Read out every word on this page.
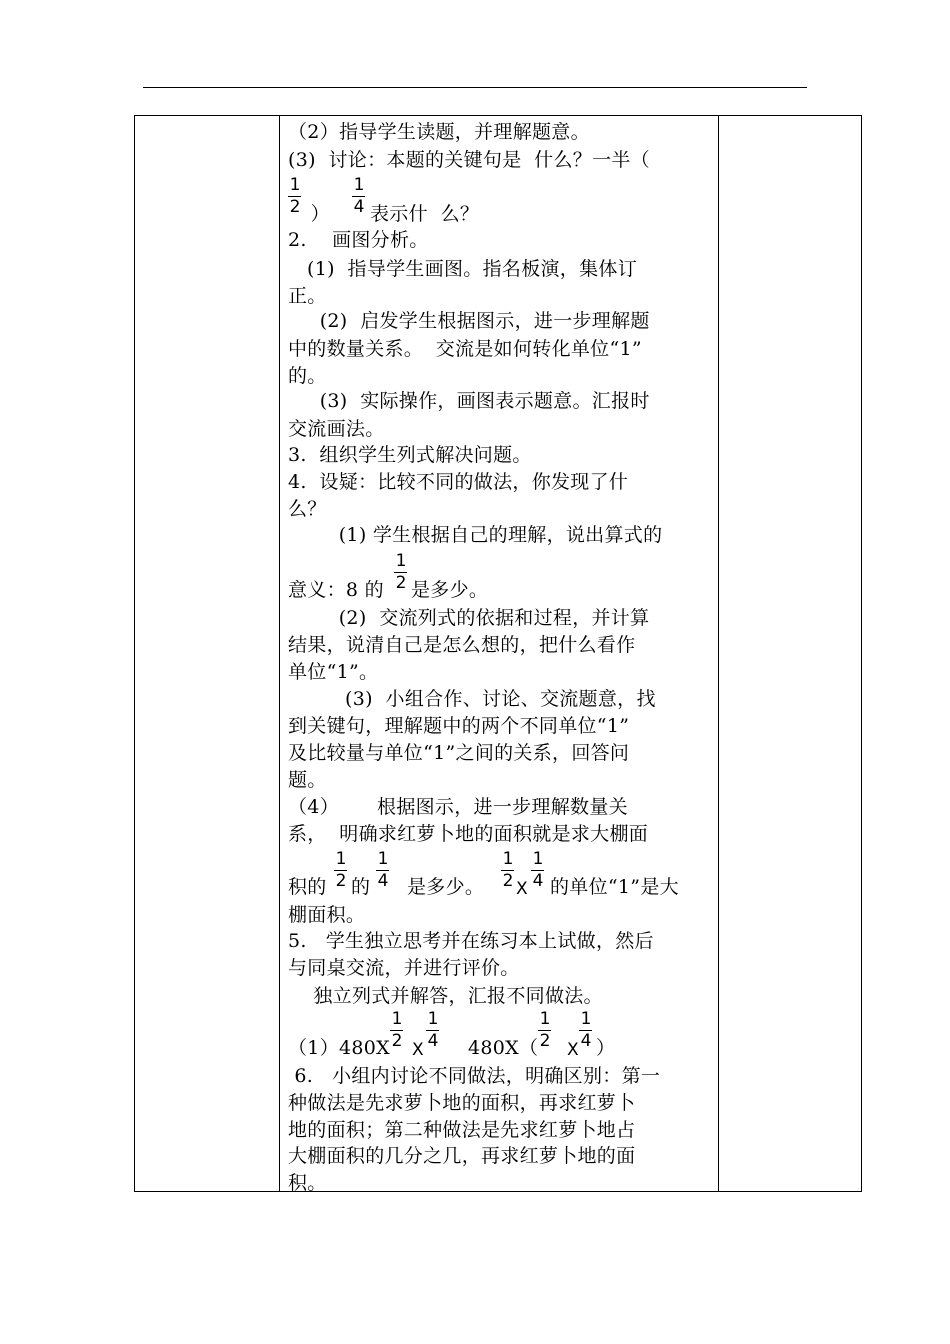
（2）指导学生读题，并理解题意。
(3)  讨论：本题的关键句是  什么？一半（
） 表示什  么？
2.    画图分析。
(1)  指导学生画图。指名板演，集体订
正。
(2)  启发学生根据图示，进一步理解题
中的数量关系。  交流是如何转化单位“1”
的。
(3)  实际操作，画图表示题意。汇报时
交流画法。
3.  组织学生列式解决问题。
4.  设疑：比较不同的做法，你发现了什
么？
(1) 学生根据自己的理解，说出算式的
意义：8 的 是多少。
(2)  交流列式的依据和过程，并计算
结果，说清自己是怎么想的，把什么看作
单位“1”。
(3)  小组合作、讨论、交流题意，找
到关键句，理解题中的两个不同单位“1”
及比较量与单位“1”之间的关系，回答问
题。
（4）      根据图示，进一步理解数量关
系，  明确求红萝卜地的面积就是求大棚面
积的 的 是多少。 X 的单位“1”是大
棚面积。
5.   学生独立思考并在练习本上试做，然后
与同桌交流，并进行评价。
独立列式并解答，汇报不同做法。
（1）480X X 480X（ X ）
6.   小组内讨论不同做法，明确区别：第一
种做法是先求萝卜地的面积，再求红萝卜
地的面积；第二种做法是先求红萝卜地占
大棚面积的几分之几，再求红萝卜地的面
积。
1
2
1
4
1
2
1
2
1
4
1
2
1
4
1
2
1
4
1
2
1
4
